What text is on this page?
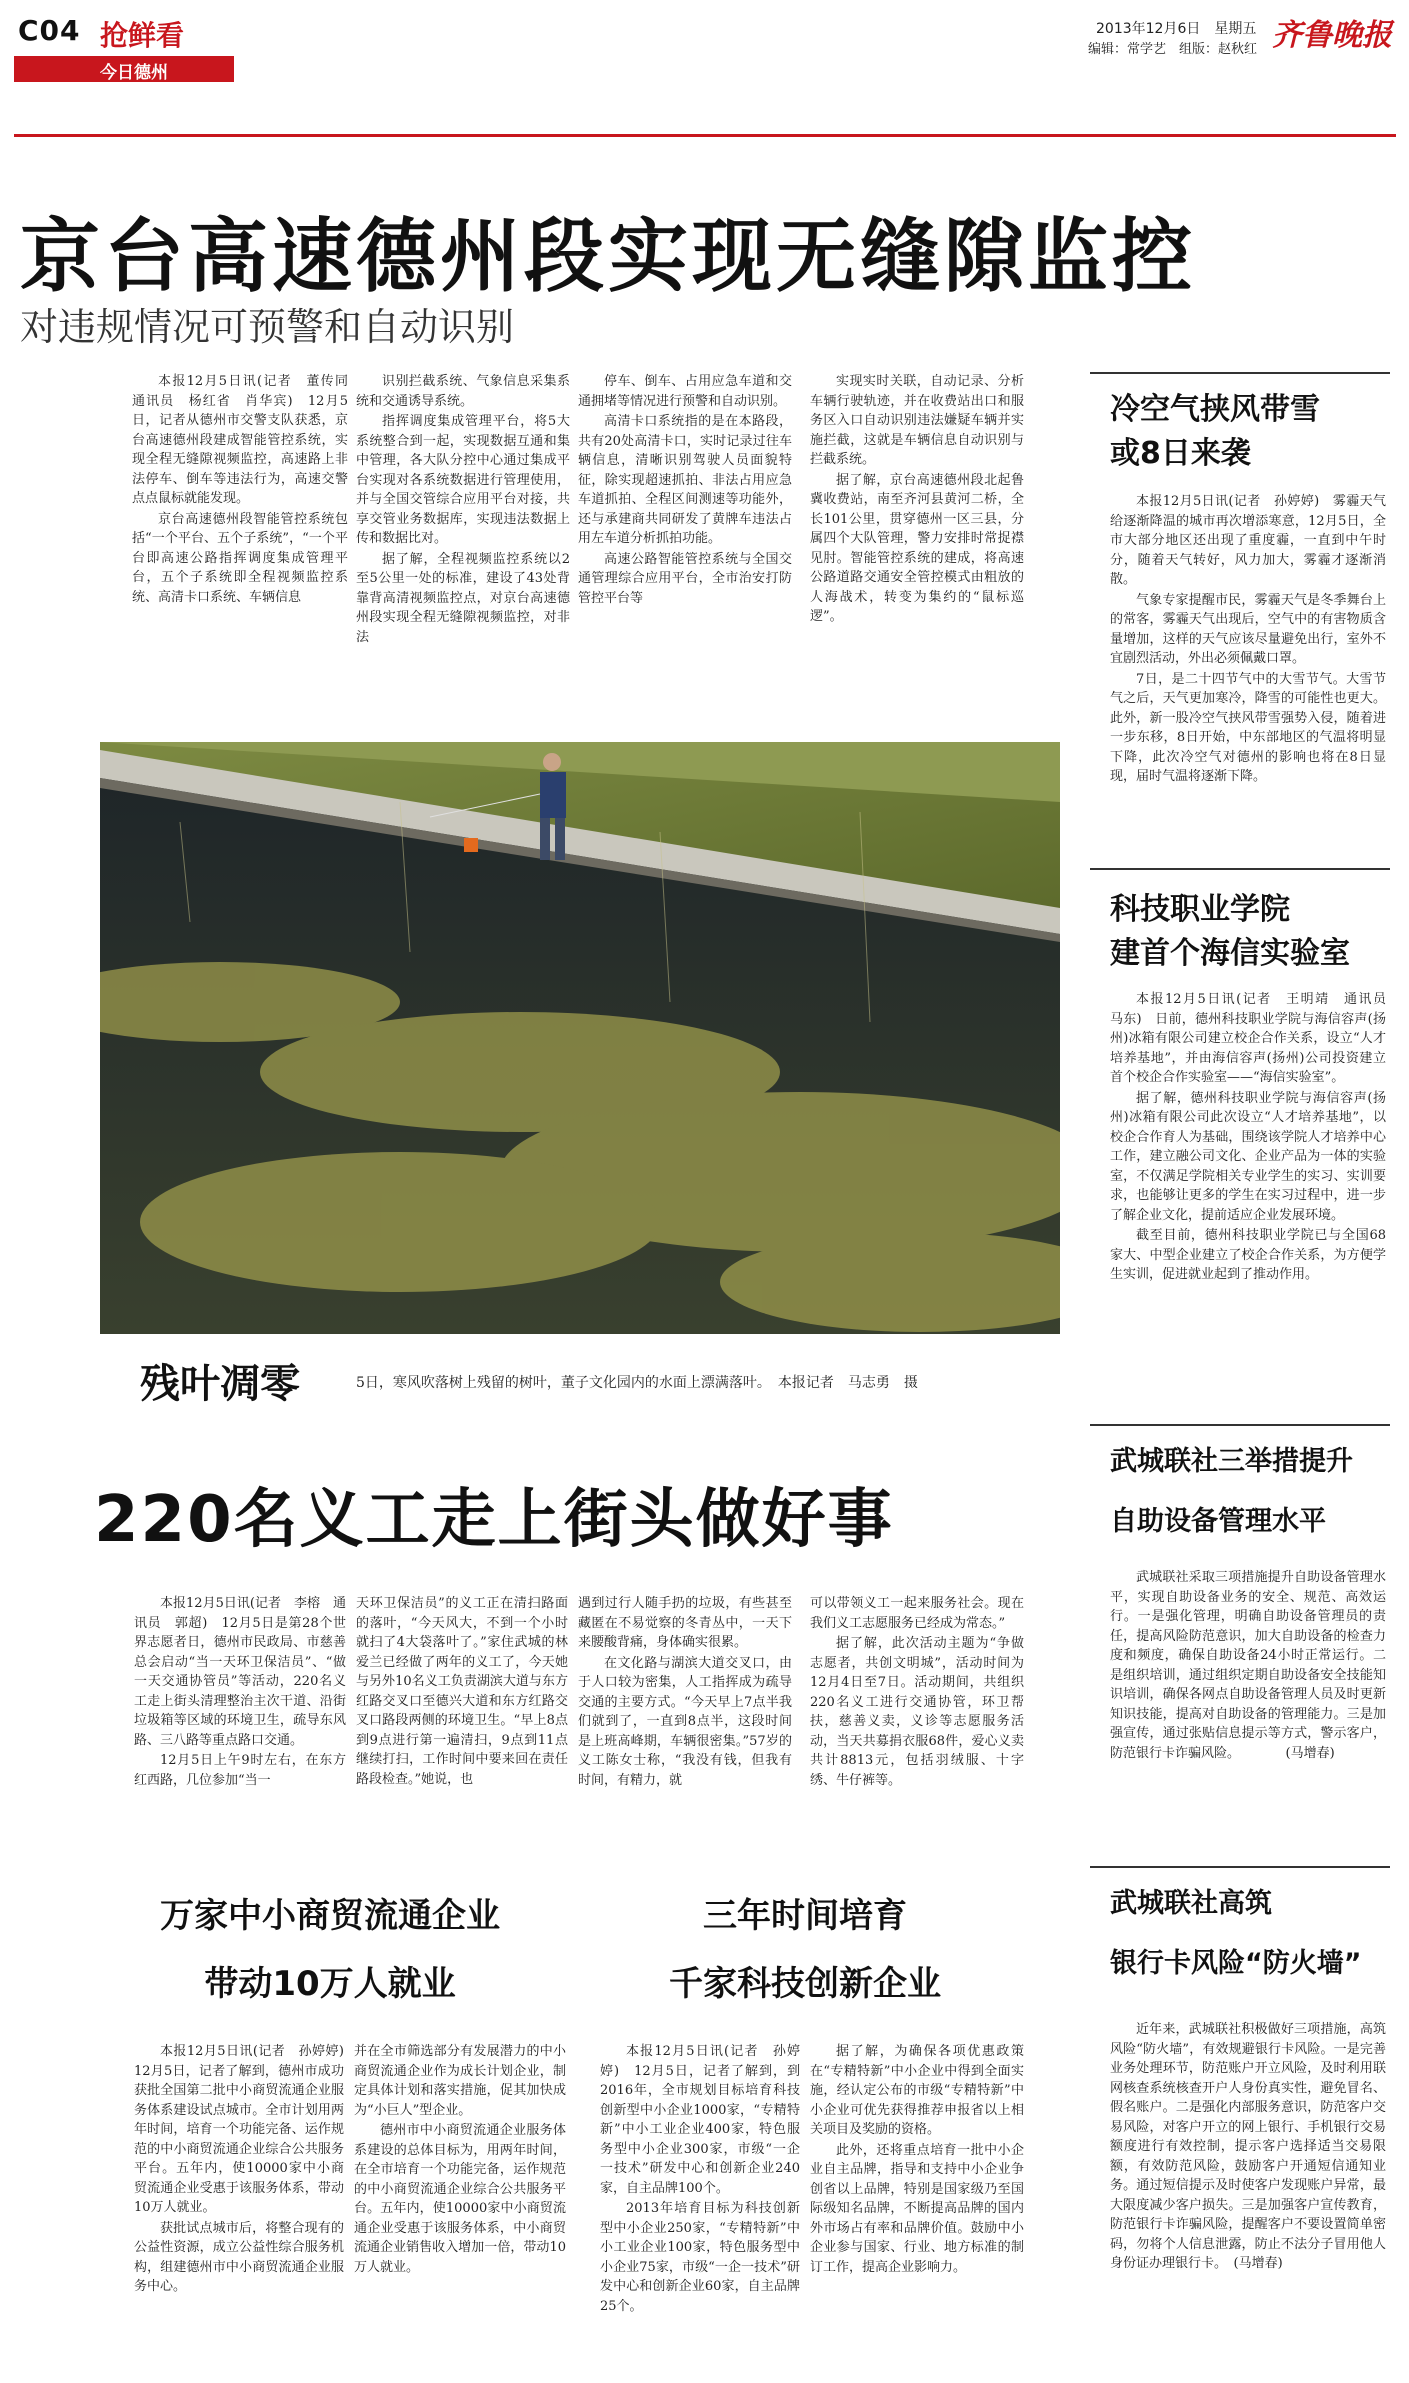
C04 抢鲜看
今日德州
2013年12月6日　星期五
编辑：常学艺　组版：赵秋红 齐鲁晚报
京台高速德州段实现无缝隙监控
对违规情况可预警和自动识别

本报12月5日讯(记者　董传同　通讯员　杨红省　肖华宾)　12月5日，记者从德州市交警支队获悉，京台高速德州段建成智能管控系统，实现全程无缝隙视频监控，高速路上非法停车、倒车等违法行为，高速交警点点鼠标就能发现。

京台高速德州段智能管控系统包括“一个平台、五个子系统”，“一个平台即高速公路指挥调度集成管理平台，五个子系统即全程视频监控系统、高清卡口系统、车辆信息

识别拦截系统、气象信息采集系统和交通诱导系统。

指挥调度集成管理平台，将5大系统整合到一起，实现数据互通和集中管理，各大队分控中心通过集成平台实现对各系统数据进行管理使用，并与全国交管综合应用平台对接，共享交管业务数据库，实现违法数据上传和数据比对。

据了解，全程视频监控系统以2至5公里一处的标准，建设了43处背靠背高清视频监控点，对京台高速德州段实现全程无缝隙视频监控，对非法

停车、倒车、占用应急车道和交通拥堵等情况进行预警和自动识别。

高清卡口系统指的是在本路段，共有20处高清卡口，实时记录过往车辆信息，清晰识别驾驶人员面貌特征，除实现超速抓拍、非法占用应急车道抓拍、全程区间测速等功能外，还与承建商共同研发了黄牌车违法占用左车道分析抓拍功能。

高速公路智能管控系统与全国交通管理综合应用平台，全市治安打防管控平台等

实现实时关联，自动记录、分析车辆行驶轨迹，并在收费站出口和服务区入口自动识别违法嫌疑车辆并实施拦截，这就是车辆信息自动识别与拦截系统。

据了解，京台高速德州段北起鲁冀收费站，南至齐河县黄河二桥，全长101公里，贯穿德州一区三县，分属四个大队管理，警力安排时常捉襟见肘。智能管控系统的建成，将高速公路道路交通安全管控模式由粗放的人海战术，转变为集约的“鼠标巡逻”。

残叶凋零	5日，寒风吹落树上残留的树叶，董子文化园内的水面上漂满落叶。　本报记者　马志勇　摄
220名义工走上街头做好事

本报12月5日讯(记者　李榕　通讯员　郭超)　12月5日是第28个世界志愿者日，德州市民政局、市慈善总会启动“当一天环卫保洁员”、“做一天交通协管员”等活动，220名义工走上街头清理整治主次干道、沿街垃圾箱等区域的环境卫生，疏导东风路、三八路等重点路口交通。

12月5日上午9时左右，在东方红西路，几位参加“当一

天环卫保洁员”的义工正在清扫路面的落叶，“今天风大，不到一个小时就扫了4大袋落叶了。”家住武城的林爱兰已经做了两年的义工了，今天她与另外10名义工负责湖滨大道与东方红路交叉口至德兴大道和东方红路交叉口路段两侧的环境卫生。“早上8点到9点进行第一遍清扫，9点到11点继续打扫，工作时间中要来回在责任路段检查。”她说，也

遇到过行人随手扔的垃圾，有些甚至藏匿在不易觉察的冬青丛中，一天下来腰酸背痛，身体确实很累。

在文化路与湖滨大道交叉口，由于人口较为密集，人工指挥成为疏导交通的主要方式。“今天早上7点半我们就到了，一直到8点半，这段时间是上班高峰期，车辆很密集。”57岁的义工陈女士称，“我没有钱，但我有时间，有精力，就

可以带领义工一起来服务社会。现在我们义工志愿服务已经成为常态。”

据了解，此次活动主题为“争做志愿者，共创文明城”，活动时间为12月4日至7日。活动期间，共组织220名义工进行交通协管，环卫帮扶，慈善义卖，义诊等志愿服务活动，当天共募捐衣服68件，爱心义卖共计8813元，包括羽绒服、十字绣、牛仔裤等。

万家中小商贸流通企业
带动10万人就业

本报12月5日讯(记者　孙婷婷)　12月5日，记者了解到，德州市成功获批全国第二批中小商贸流通企业服务体系建设试点城市。全市计划用两年时间，培育一个功能完备、运作规范的中小商贸流通企业综合公共服务平台。五年内，使10000家中小商贸流通企业受惠于该服务体系，带动10万人就业。

获批试点城市后，将整合现有的公益性资源，成立公益性综合服务机构，组建德州市中小商贸流通企业服务中心。

并在全市筛选部分有发展潜力的中小商贸流通企业作为成长计划企业，制定具体计划和落实措施，促其加快成为“小巨人”型企业。

德州市中小商贸流通企业服务体系建设的总体目标为，用两年时间，在全市培育一个功能完备，运作规范的中小商贸流通企业综合公共服务平台。五年内，使10000家中小商贸流通企业受惠于该服务体系，中小商贸流通企业销售收入增加一倍，带动10万人就业。

三年时间培育
千家科技创新企业

本报12月5日讯(记者　孙婷婷)　12月5日，记者了解到，到2016年，全市规划目标培育科技创新型中小企业1000家，“专精特新”中小工业企业400家，特色服务型中小企业300家，市级“一企一技术”研发中心和创新企业240家，自主品牌100个。

2013年培育目标为科技创新型中小企业250家，“专精特新”中小工业企业100家，特色服务型中小企业75家，市级“一企一技术”研发中心和创新企业60家，自主品牌25个。

据了解，为确保各项优惠政策在“专精特新”中小企业中得到全面实施，经认定公布的市级“专精特新”中小企业可优先获得推荐申报省以上相关项目及奖励的资格。

此外，还将重点培育一批中小企业自主品牌，指导和支持中小企业争创省以上品牌，特别是国家级乃至国际级知名品牌，不断提高品牌的国内外市场占有率和品牌价值。鼓励中小企业参与国家、行业、地方标准的制订工作，提高企业影响力。

冷空气挟风带雪
或8日来袭

本报12月5日讯(记者　孙婷婷)　雾霾天气给逐渐降温的城市再次增添寒意，12月5日，全市大部分地区还出现了重度霾，一直到中午时分，随着天气转好，风力加大，雾霾才逐渐消散。

气象专家提醒市民，雾霾天气是冬季舞台上的常客，雾霾天气出现后，空气中的有害物质含量增加，这样的天气应该尽量避免出行，室外不宜剧烈活动，外出必须佩戴口罩。

7日，是二十四节气中的大雪节气。大雪节气之后，天气更加寒冷，降雪的可能性也更大。此外，新一股冷空气挟风带雪强势入侵，随着进一步东移，8日开始，中东部地区的气温将明显下降，此次冷空气对德州的影响也将在8日显现，届时气温将逐渐下降。

科技职业学院
建首个海信实验室

本报12月5日讯(记者　王明靖　通讯员　马东)　日前，德州科技职业学院与海信容声(扬州)冰箱有限公司建立校企合作关系，设立“人才培养基地”，并由海信容声(扬州)公司投资建立首个校企合作实验室——“海信实验室”。

据了解，德州科技职业学院与海信容声(扬州)冰箱有限公司此次设立“人才培养基地”，以校企合作育人为基础，围绕该学院人才培养中心工作，建立融公司文化、企业产品为一体的实验室，不仅满足学院相关专业学生的实习、实训要求，也能够让更多的学生在实习过程中，进一步了解企业文化，提前适应企业发展环境。

截至目前，德州科技职业学院已与全国68家大、中型企业建立了校企合作关系，为方便学生实训，促进就业起到了推动作用。

武城联社三举措提升
自助设备管理水平

武城联社采取三项措施提升自助设备管理水平，实现自助设备业务的安全、规范、高效运行。一是强化管理，明确自助设备管理员的责任，提高风险防范意识，加大自助设备的检查力度和频度，确保自助设备24小时正常运行。二是组织培训，通过组织定期自助设备安全技能知识培训，确保各网点自助设备管理人员及时更新知识技能，提高对自助设备的管理能力。三是加强宣传，通过张贴信息提示等方式，警示客户，防范银行卡诈骗风险。　　　　(马增春)

武城联社高筑
银行卡风险“防火墙”

近年来，武城联社积极做好三项措施，高筑风险“防火墙”，有效规避银行卡风险。一是完善业务处理环节，防范账户开立风险，及时利用联网核查系统核查开户人身份真实性，避免冒名、假名账户。二是强化内部服务意识，防范客户交易风险，对客户开立的网上银行、手机银行交易额度进行有效控制，提示客户选择适当交易限额，有效防范风险，鼓励客户开通短信通知业务。通过短信提示及时使客户发现账户异常，最大限度减少客户损失。三是加强客户宣传教育，防范银行卡诈骗风险，提醒客户不要设置简单密码，勿将个人信息泄露，防止不法分子冒用他人身份证办理银行卡。　(马增春)
